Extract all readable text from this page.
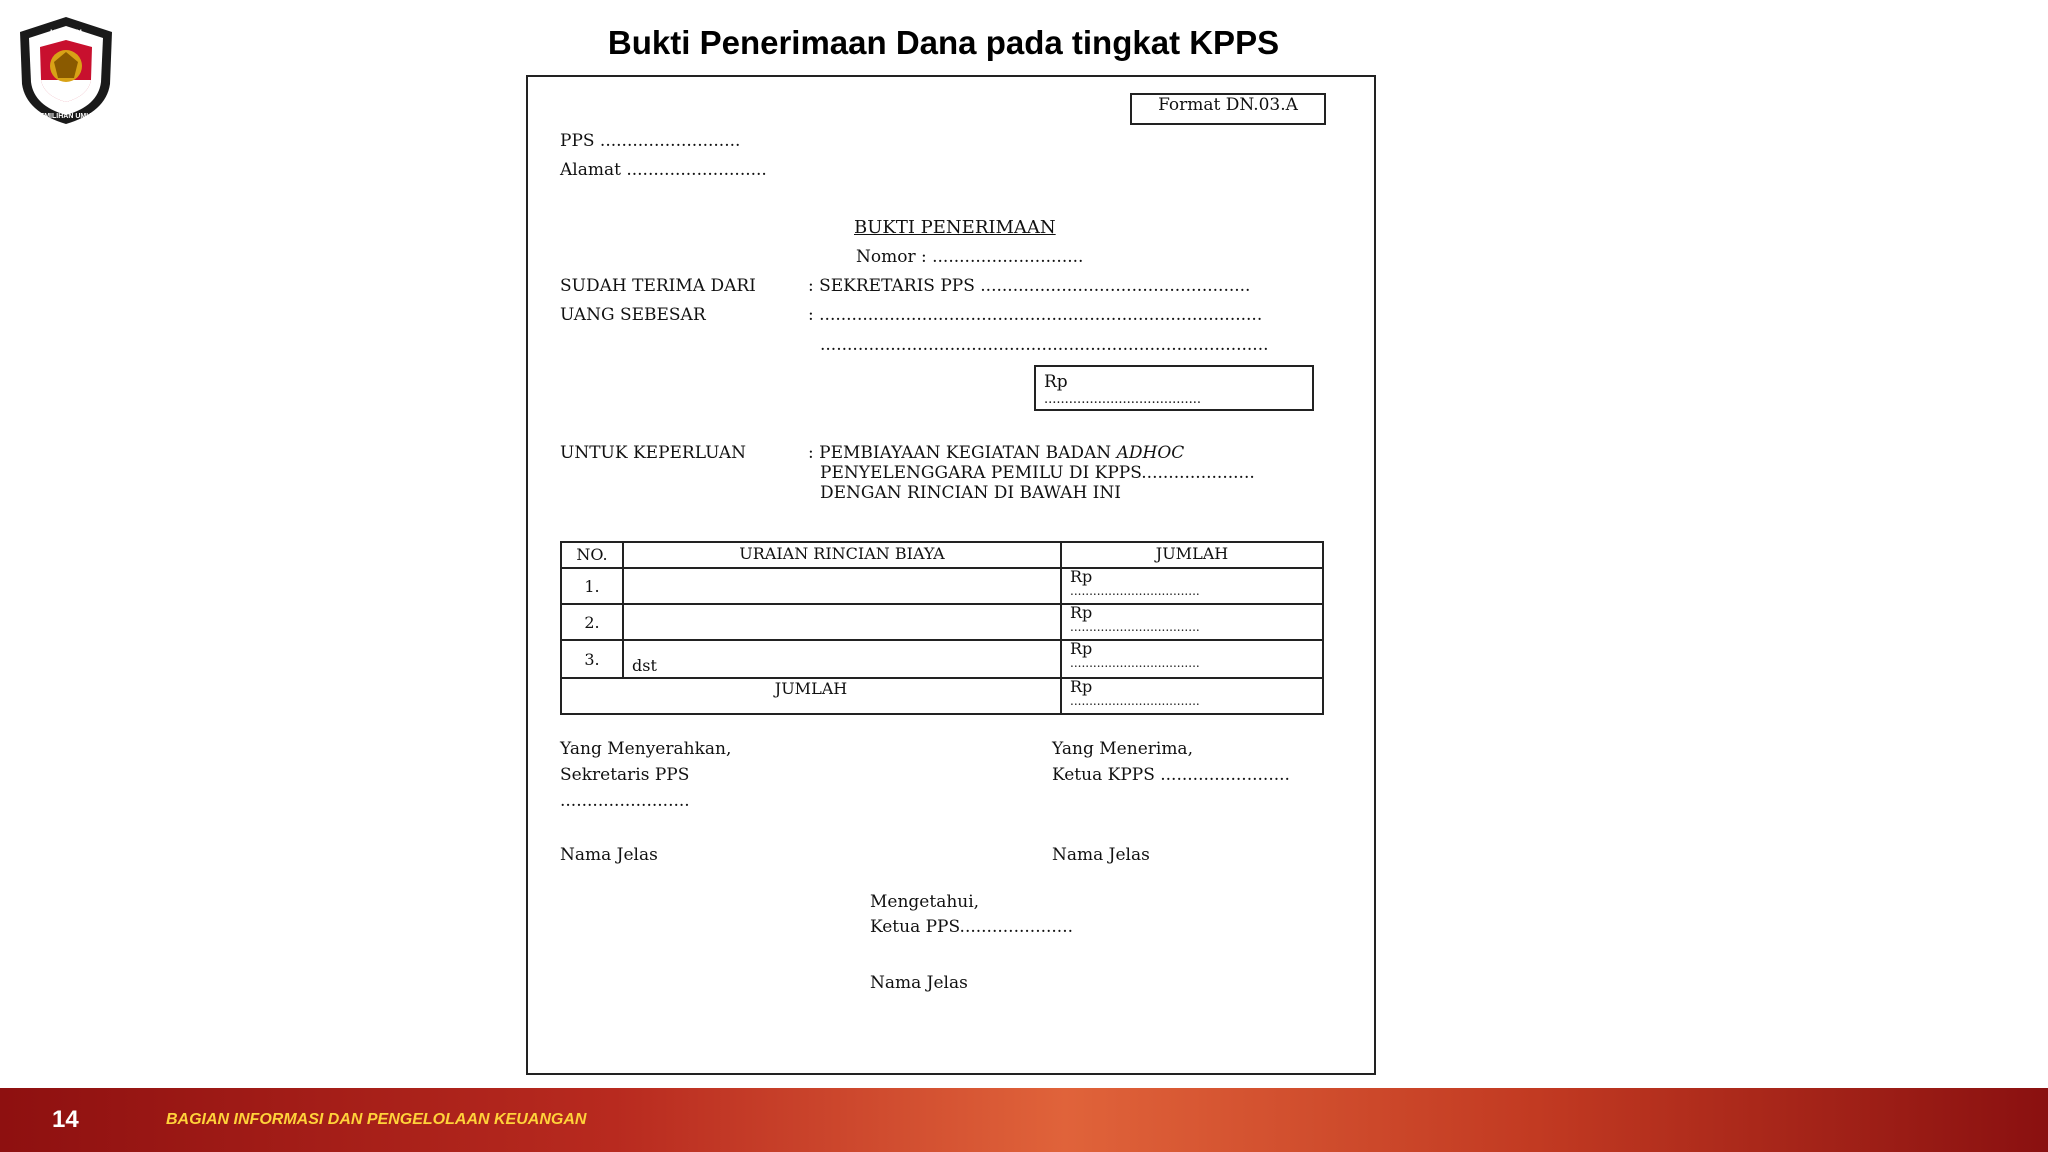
KOMISI
PEMILIHAN UMUM
Bukti Penerimaan Dana pada tingkat KPPS
Format DN.03.A
PPS ..........................
Alamat ..........................
BUKTI PENERIMAAN
Nomor : ............................
SUDAH TERIMA DARI	: SEKRETARIS PPS ..................................................
UANG SEBESAR	: ..................................................................................
...................................................................................
Rp
......................................
UNTUK KEPERLUAN	: PEMBIAYAAN KEGIATAN BADAN ADHOC
PENYELENGGARA PEMILU DI KPPS.....................
DENGAN RINCIAN DI BAWAH INI
NO.	URAIAN RINCIAN BIAYA	JUMLAH
1.		Rp
..................................

2.		Rp
..................................

3.	dst	Rp
..................................

JUMLAH		Rp
..................................
Yang Menyerahkan,
Sekretaris PPS
........................
Nama Jelas
Yang Menerima,
Ketua KPPS ........................
Nama Jelas
Mengetahui,
Ketua PPS.....................
Nama Jelas
14	BAGIAN INFORMASI DAN PENGELOLAAN KEUANGAN
